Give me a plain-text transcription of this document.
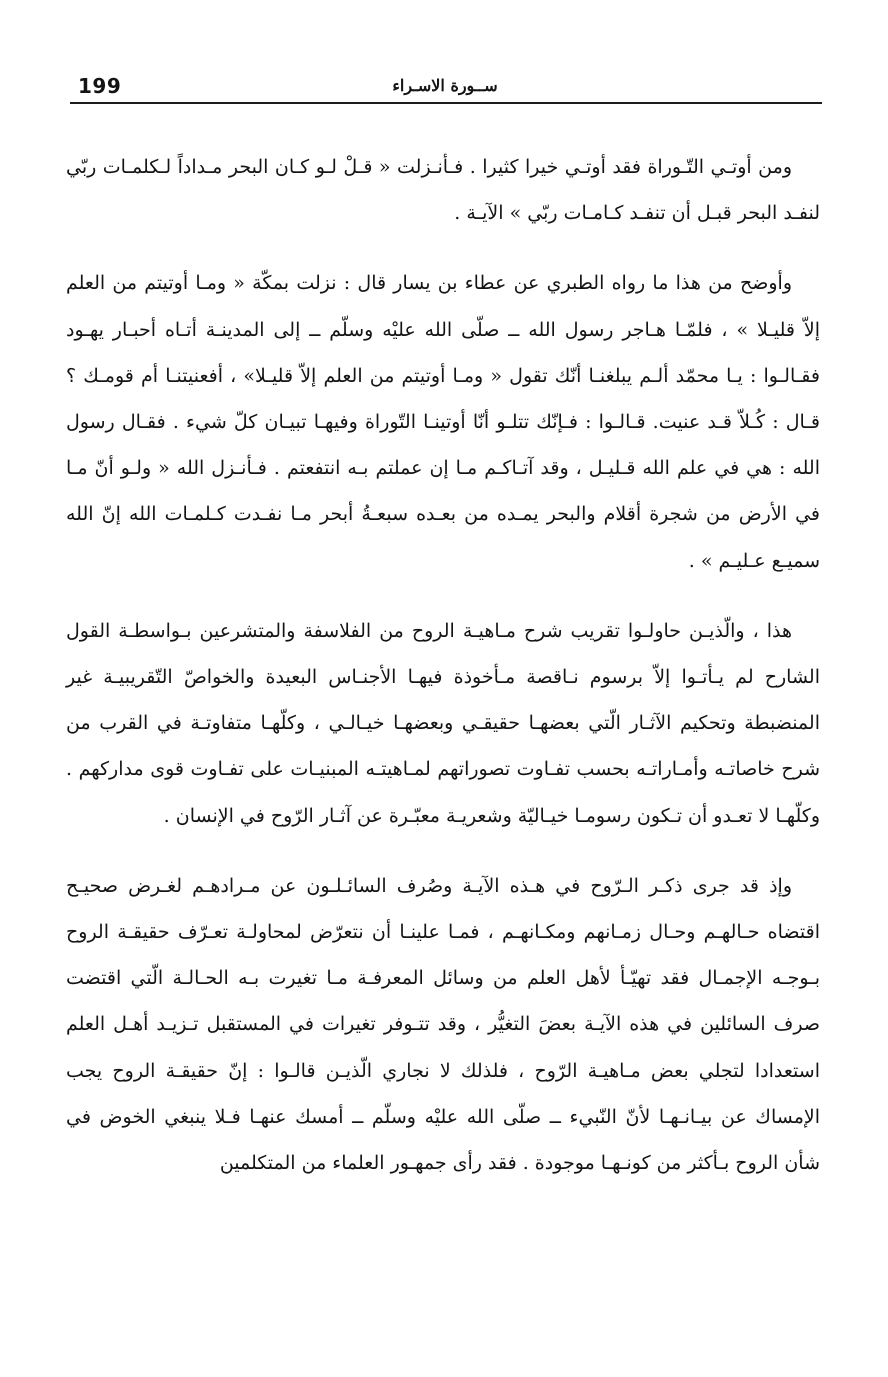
199	ســورة الاسـراء

ومن أوتـي التّـوراة فقد أوتـي خيرا كثيرا . فـأنـزلت « قـلْ لـو كـان البحر مـداداً لـكلمـات ربّي لنفـد البحر قبـل أن تنفـد كـامـات ربّي » الآيـة .

وأوضح من هذا ما رواه الطبري عن عطاء بن يسار قال : نزلت بمكّة « ومـا أوتيتم من العلم إلاّ قليـلا » ، فلمّـا هـاجر رسول الله ــ صلّى الله عليْه وسلّم ــ إلى المدينـة أتـاه أحبـار يهـود فقـالـوا : يـا محمّد ألـم يبلغنـا أنّك تقول « ومـا أوتيتم من العلم إلاّ قليـلا» ، أفعنيتنـا أم قومـك ؟ قـال : كُـلاّ قـد عنيت. قـالـوا : فـإنّك تتلـو أنّا أوتينـا التّوراة وفيهـا تبيـان كلّ شيء . فقـال رسول الله : هي في علم الله قـليـل ، وقد آتـاكـم مـا إن عملتم بـه انتفعتم . فـأنـزل الله « ولـو أنّ مـا في الأرض من شجرة أقلام والبحر يمـده من بعـده سبعـةُ أبحر مـا نفـدت كـلمـات الله إنّ الله سميـع عـليـم » .

هذا ، والّذيـن حاولـوا تقريب شرح مـاهيـة الروح من الفلاسفة والمتشرعين بـواسطـة القول الشارح لم يـأتـوا إلاّ برسوم نـاقصة مـأخوذة فيهـا الأجنـاس البعيدة والخواصّ التّقريبيـة غير المنضبطة وتحكيم الآثـار الّتي بعضهـا حقيقـي وبعضهـا خيـالـي ، وكلّهـا متفاوتـة في القرب من شرح خاصاتـه وأمـاراتـه بحسب تفـاوت تصوراتهم لمـاهيتـه المبنيـات على تفـاوت قوى مداركهم . وكلّهـا لا تعـدو أن تـكون رسومـا خيـاليّة وشعريـة معبّـرة عن آثـار الرّوح في الإنسان .

وإذ قد جرى ذكـر الـرّوح في هـذه الآيـة وصُرف السائـلـون عن مـرادهـم لغـرض صحيـح اقتضاه حـالهـم وحـال زمـانهم ومكـانهـم ، فمـا علينـا أن نتعرّض لمحاولـة تعـرّف حقيقـة الروح بـوجـه الإجمـال فقد تهيّـأ لأهل العلم من وسائل المعرفـة مـا تغيرت بـه الحـالـة الّتي اقتضت صرف السائلين في هذه الآيـة بعضَ التغيُّر ، وقد تتـوفر تغيرات في المستقبل تـزيـد أهـل العلم استعدادا لتجلي بعض مـاهيـة الرّوح ، فلذلك لا نجاري الّذيـن قالـوا : إنّ حقيقـة الروح يجب الإمساك عن بيـانـهـا لأنّ النّبيء ــ صلّى الله عليْه وسلّم ــ أمسك عنهـا فـلا ينبغي الخوض في شأن الروح بـأكثر من كونـهـا موجودة . فقد رأى جمهـور العلماء من المتكلمين
